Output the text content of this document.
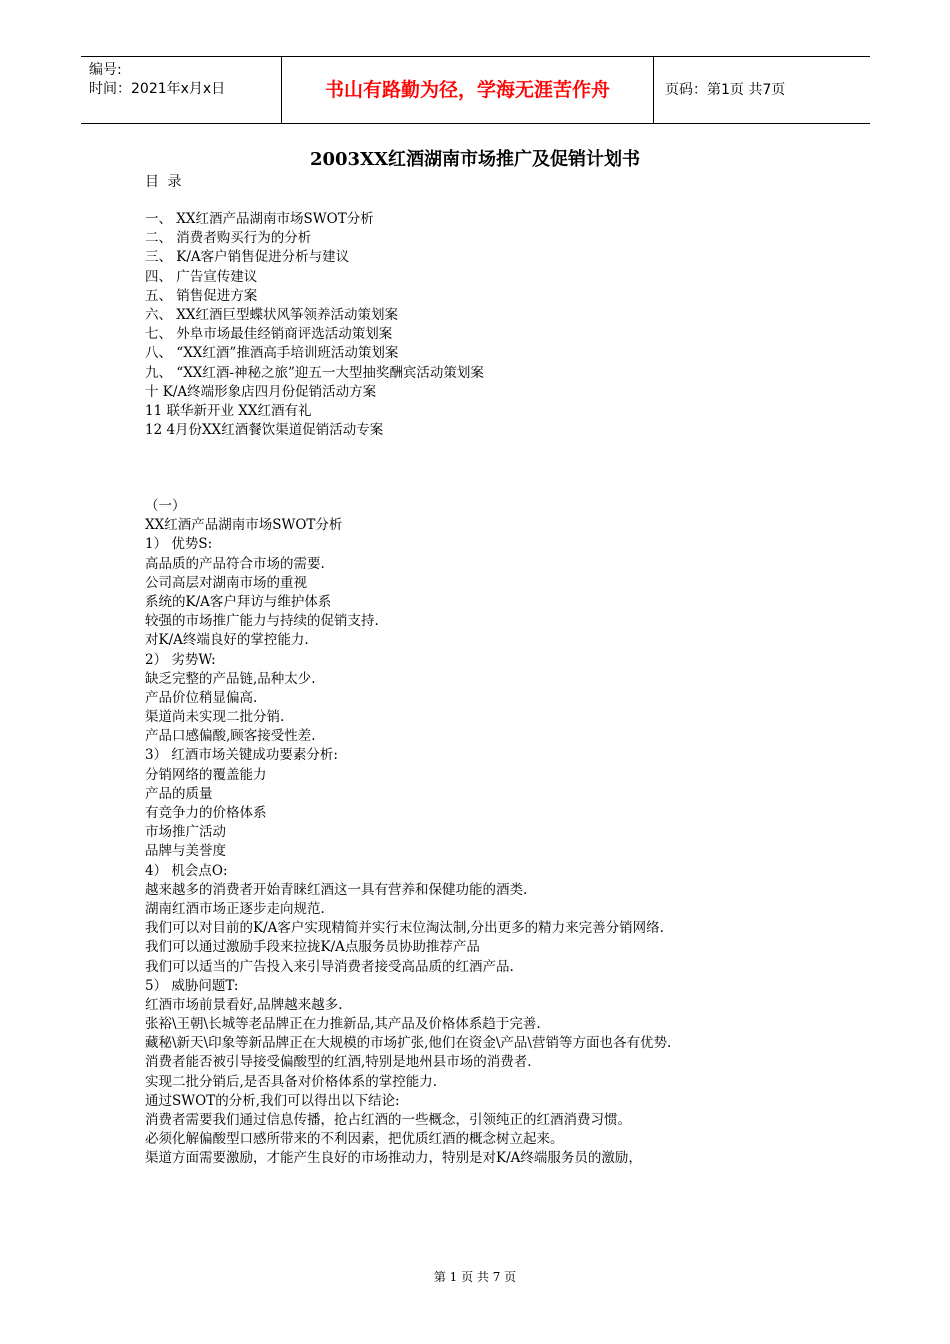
编号:
时间：2021年x月x日	书山有路勤为径，学海无涯苦作舟	页码：第1页 共7页
2003XX红酒湖南市场推广及促销计划书
目 录
一、 XX红酒产品湖南市场SWOT分析
二、 消费者购买行为的分析
三、 K/A客户销售促进分析与建议
四、 广告宣传建议
五、 销售促进方案
六、 XX红酒巨型蝶状风筝领养活动策划案
七、 外阜市场最佳经销商评选活动策划案
八、 “XX红酒”推酒高手培训班活动策划案
九、 “XX红酒-神秘之旅”迎五一大型抽奖酬宾活动策划案
十 K/A终端形象店四月份促销活动方案
11 联华新开业 XX红酒有礼
12 4月份XX红酒餐饮渠道促销活动专案
（一）
XX红酒产品湖南市场SWOT分析
1） 优势S:
高品质的产品符合市场的需要.
公司高层对湖南市场的重视
系统的K/A客户拜访与维护体系
较强的市场推广能力与持续的促销支持.
对K/A终端良好的掌控能力.
2） 劣势W:
缺乏完整的产品链,品种太少.
产品价位稍显偏高.
渠道尚未实现二批分销.
产品口感偏酸,顾客接受性差.
3） 红酒市场关键成功要素分析:
分销网络的覆盖能力
产品的质量
有竞争力的价格体系
市场推广活动
品牌与美誉度
4） 机会点O:
越来越多的消费者开始青睐红酒这一具有营养和保健功能的酒类.
湖南红酒市场正逐步走向规范.
我们可以对目前的K/A客户实现精简并实行末位淘汰制,分出更多的精力来完善分销网络.
我们可以通过激励手段来拉拢K/A点服务员协助推荐产品
我们可以适当的广告投入来引导消费者接受高品质的红酒产品.
5） 威胁问题T:
红酒市场前景看好,品牌越来越多.
张裕\王朝\长城等老品牌正在力推新品,其产品及价格体系趋于完善.
藏秘\新天\印象等新品牌正在大规模的市场扩张,他们在资金\产品\营销等方面也各有优势.
消费者能否被引导接受偏酸型的红酒,特别是地州县市场的消费者.
实现二批分销后,是否具备对价格体系的掌控能力.
通过SWOT的分析,我们可以得出以下结论:
消费者需要我们通过信息传播，抢占红酒的一些概念，引领纯正的红酒消费习惯。
必须化解偏酸型口感所带来的不利因素，把优质红酒的概念树立起来。
渠道方面需要激励，才能产生良好的市场推动力，特别是对K/A终端服务员的激励，
第 1 页 共 7 页
